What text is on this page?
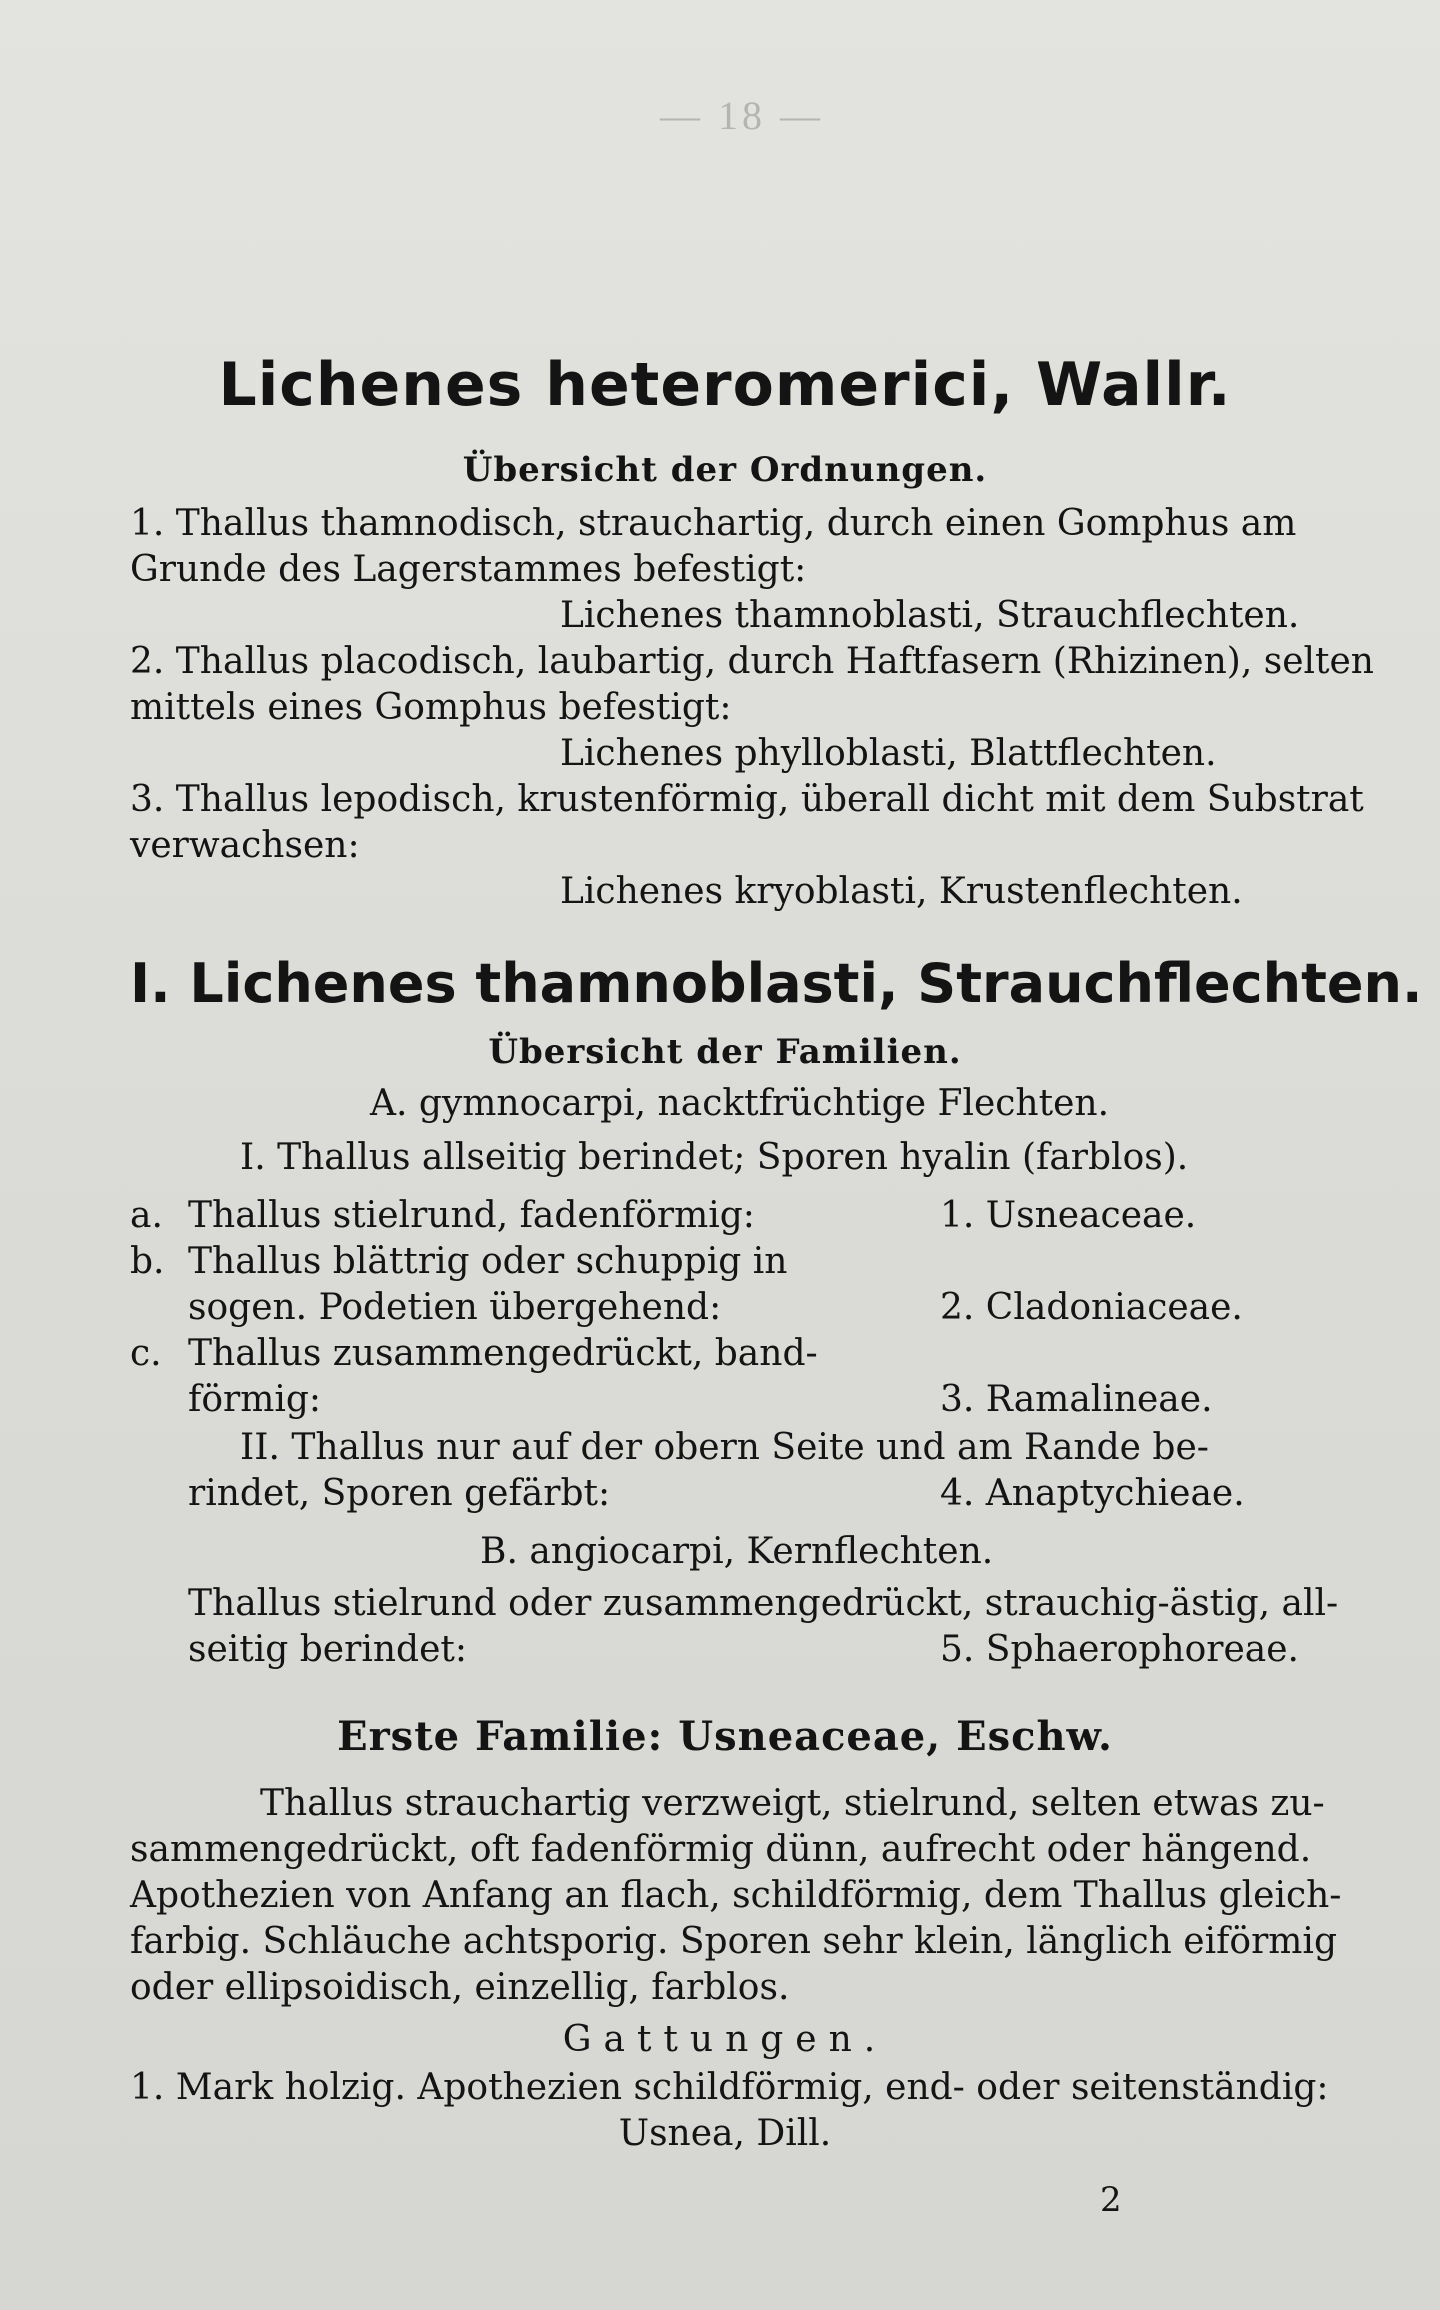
— 18 —
Lichenes heteromerici, Wallr.
Übersicht der Ordnungen.
1. Thallus thamnodisch, strauchartig, durch einen Gomphus am
Grunde des Lagerstammes befestigt:
Lichenes thamnoblasti, Strauchflechten.
2. Thallus placodisch, laubartig, durch Haftfasern (Rhizinen), selten
mittels eines Gomphus befestigt:
Lichenes phylloblasti, Blattflechten.
3. Thallus lepodisch, krustenförmig, überall dicht mit dem Substrat
verwachsen:
Lichenes kryoblasti, Krustenflechten.
I. Lichenes thamnoblasti, Strauchflechten.
Übersicht der Familien.
A. gymnocarpi, nacktfrüchtige Flechten.
I. Thallus allseitig berindet; Sporen hyalin (farblos).
a. Thallus stielrund, fadenförmig:	1. Usneaceae.
b. Thallus blättrig oder schuppig in
sogen. Podetien übergehend:	2. Cladoniaceae.
c. Thallus zusammengedrückt, band-
förmig:	3. Ramalineae.
II. Thallus nur auf der obern Seite und am Rande be-
rindet, Sporen gefärbt:	4. Anaptychieae.
B. angiocarpi, Kernflechten.
Thallus stielrund oder zusammengedrückt, strauchig-ästig, all-
seitig berindet:	5. Sphaerophoreae.
Erste Familie: Usneaceae, Eschw.
Thallus strauchartig verzweigt, stielrund, selten etwas zu-
sammengedrückt, oft fadenförmig dünn, aufrecht oder hängend.
Apothezien von Anfang an flach, schildförmig, dem Thallus gleich-
farbig. Schläuche achtsporig. Sporen sehr klein, länglich eiförmig
oder ellipsoidisch, einzellig, farblos.
Gattungen.
1. Mark holzig. Apothezien schildförmig, end- oder seitenständig:
Usnea, Dill.
2
